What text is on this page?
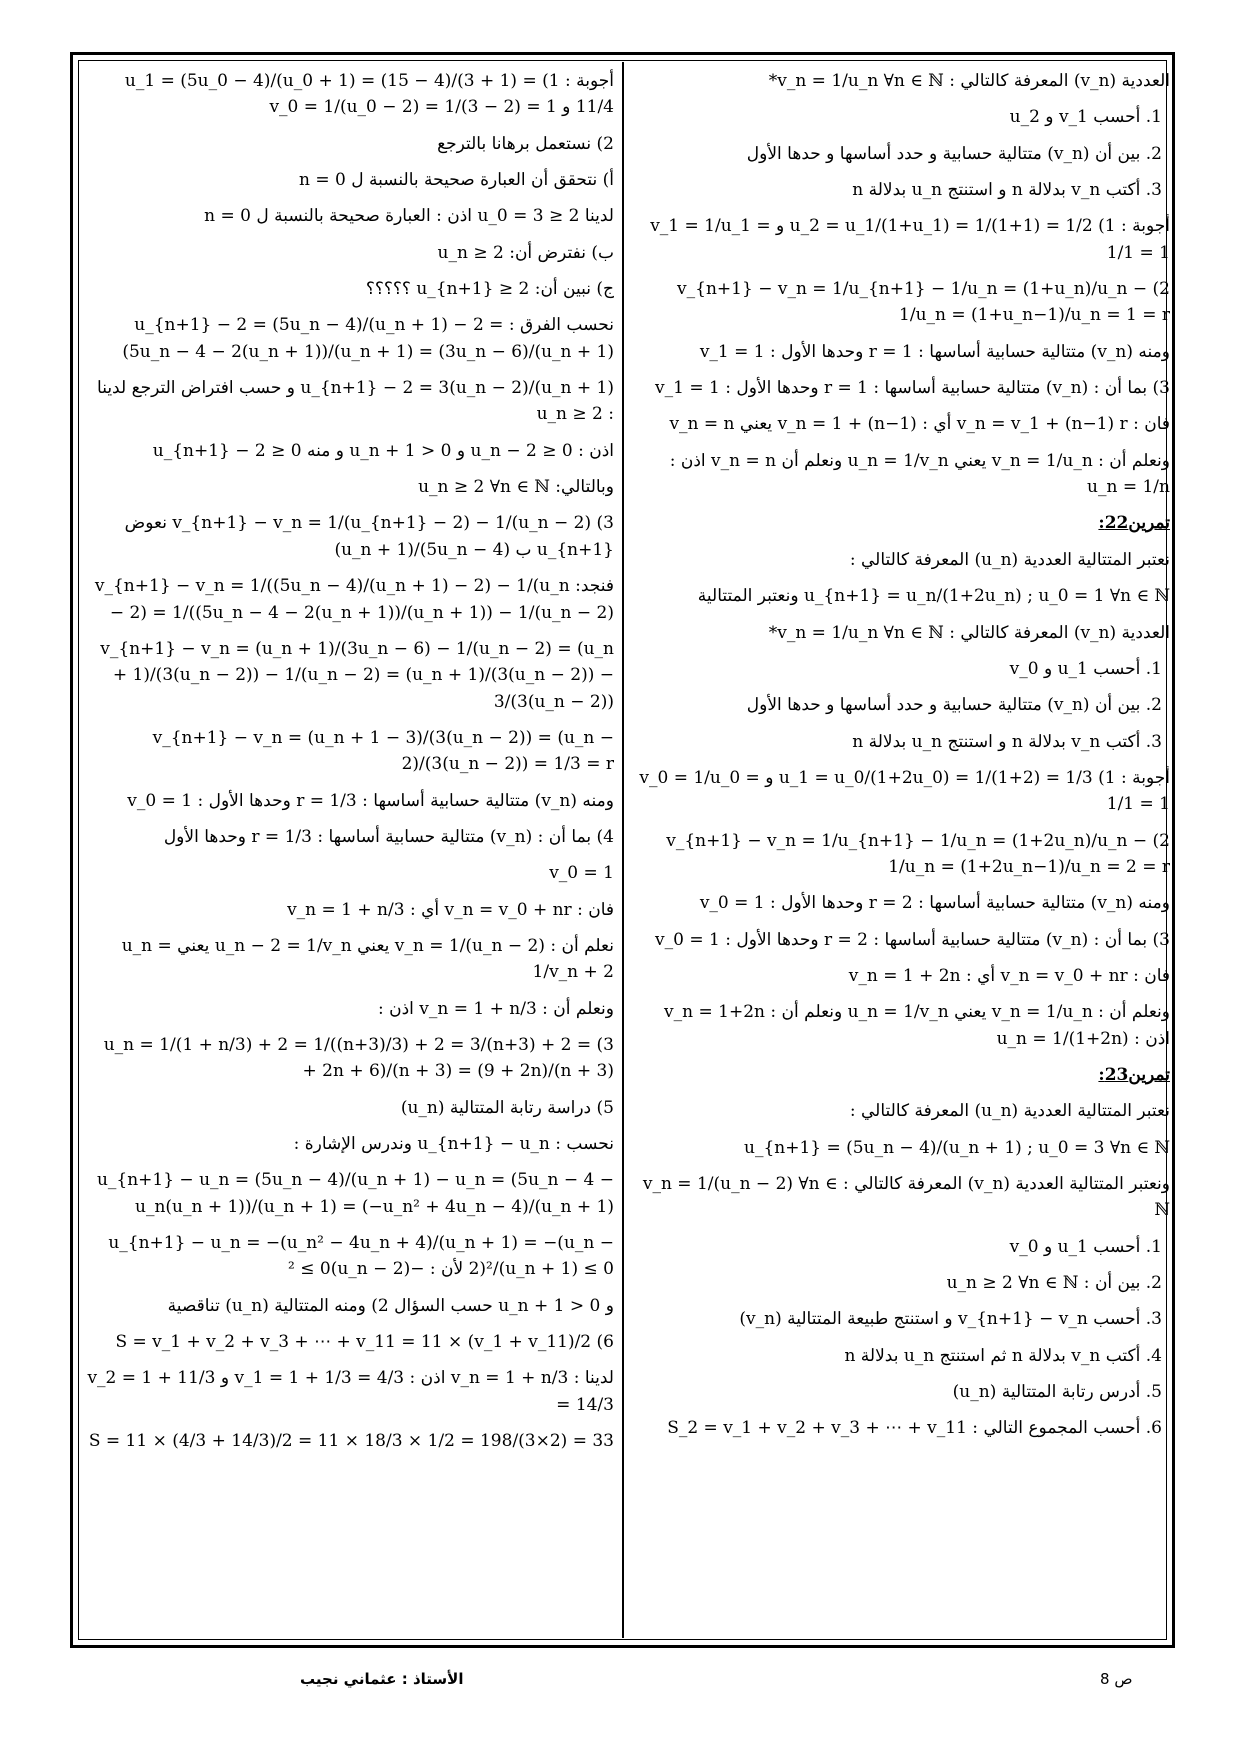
العددية (v_n) المعرفة كالتالي : v_n = 1/u_n ∀n ∈ ℕ*
1. أحسب v_1 و u_2
2. بين أن (v_n) متتالية حسابية و حدد أساسها و حدها الأول
3. أكتب v_n بدلالة n و استنتج u_n بدلالة n
أجوبة : 1) u_2 = u_1/(1+u_1) = 1/(1+1) = 1/2 و v_1 = 1/u_1 = 1/1 = 1
2) v_{n+1} − v_n = 1/u_{n+1} − 1/u_n = (1+u_n)/u_n − 1/u_n = (1+u_n−1)/u_n = 1 = r
ومنه (v_n) متتالية حسابية أساسها : r = 1 وحدها الأول : v_1 = 1
3) بما أن : (v_n) متتالية حسابية أساسها : r = 1 وحدها الأول : v_1 = 1
فان : v_n = v_1 + (n−1) r أي : v_n = 1 + (n−1) يعني v_n = n
ونعلم أن : v_n = 1/u_n يعني u_n = 1/v_n ونعلم أن v_n = n اذن : u_n = 1/n
تمرين22:
نعتبر المتتالية العددية (u_n) المعرفة كالتالي :
u_{n+1} = u_n/(1+2u_n) ; u_0 = 1 ∀n ∈ ℕ ونعتبر المتتالية
العددية (v_n) المعرفة كالتالي : v_n = 1/u_n ∀n ∈ ℕ*
1. أحسب u_1 و v_0
2. بين أن (v_n) متتالية حسابية و حدد أساسها و حدها الأول
3. أكتب v_n بدلالة n و استنتج u_n بدلالة n
أجوبة : 1) u_1 = u_0/(1+2u_0) = 1/(1+2) = 1/3 و v_0 = 1/u_0 = 1/1 = 1
2) v_{n+1} − v_n = 1/u_{n+1} − 1/u_n = (1+2u_n)/u_n − 1/u_n = (1+2u_n−1)/u_n = 2 = r
ومنه (v_n) متتالية حسابية أساسها : r = 2 وحدها الأول : v_0 = 1
3) بما أن : (v_n) متتالية حسابية أساسها : r = 2 وحدها الأول : v_0 = 1
فان : v_n = v_0 + nr أي : v_n = 1 + 2n
ونعلم أن : v_n = 1/u_n يعني u_n = 1/v_n ونعلم أن : v_n = 1+2n اذن : u_n = 1/(1+2n)
تمرين23:
نعتبر المتتالية العددية (u_n) المعرفة كالتالي :
u_{n+1} = (5u_n − 4)/(u_n + 1) ; u_0 = 3 ∀n ∈ ℕ
ونعتبر المتتالية العددية (v_n) المعرفة كالتالي : v_n = 1/(u_n − 2) ∀n ∈ ℕ
1. أحسب u_1 و v_0
2. بين أن : u_n ≥ 2 ∀n ∈ ℕ
3. أحسب v_{n+1} − v_n و استنتج طبيعة المتتالية (v_n)
4. أكتب v_n بدلالة n ثم استنتج u_n بدلالة n
5. أدرس رتابة المتتالية (u_n)
6. أحسب المجموع التالي : S_2 = v_1 + v_2 + v_3 + ⋯ + v_11
أجوبة : 1) u_1 = (5u_0 − 4)/(u_0 + 1) = (15 − 4)/(3 + 1) = 11/4 و v_0 = 1/(u_0 − 2) = 1/(3 − 2) = 1
2) نستعمل برهانا بالترجع
أ) نتحقق أن العبارة صحيحة بالنسبة ل n = 0
لدينا u_0 = 3 ≥ 2 اذن : العبارة صحيحة بالنسبة ل n = 0
ب) نفترض أن: u_n ≥ 2
ج) نبين أن: u_{n+1} ≥ 2 ؟؟؟؟؟
نحسب الفرق : u_{n+1} − 2 = (5u_n − 4)/(u_n + 1) − 2 = (5u_n − 4 − 2(u_n + 1))/(u_n + 1) = (3u_n − 6)/(u_n + 1)
u_{n+1} − 2 = 3(u_n − 2)/(u_n + 1) و حسب افتراض الترجع لدينا : u_n ≥ 2
اذن : u_n − 2 ≥ 0 و u_n + 1 > 0 و منه u_{n+1} − 2 ≥ 0
وبالتالي: u_n ≥ 2 ∀n ∈ ℕ
3) v_{n+1} − v_n = 1/(u_{n+1} − 2) − 1/(u_n − 2) نعوض u_{n+1} ب (5u_n − 4)/(u_n + 1)
فنجد: v_{n+1} − v_n = 1/((5u_n − 4)/(u_n + 1) − 2) − 1/(u_n − 2) = 1/((5u_n − 4 − 2(u_n + 1))/(u_n + 1)) − 1/(u_n − 2)
v_{n+1} − v_n = (u_n + 1)/(3u_n − 6) − 1/(u_n − 2) = (u_n + 1)/(3(u_n − 2)) − 1/(u_n − 2) = (u_n + 1)/(3(u_n − 2)) − 3/(3(u_n − 2))
v_{n+1} − v_n = (u_n + 1 − 3)/(3(u_n − 2)) = (u_n − 2)/(3(u_n − 2)) = 1/3 = r
ومنه (v_n) متتالية حسابية أساسها : r = 1/3 وحدها الأول : v_0 = 1
4) بما أن : (v_n) متتالية حسابية أساسها : r = 1/3 وحدها الأول
v_0 = 1
فان : v_n = v_0 + nr أي : v_n = 1 + n/3
نعلم أن : v_n = 1/(u_n − 2) يعني u_n − 2 = 1/v_n يعني u_n = 1/v_n + 2
ونعلم أن : v_n = 1 + n/3 اذن :
u_n = 1/(1 + n/3) + 2 = 1/((n+3)/3) + 2 = 3/(n+3) + 2 = (3 + 2n + 6)/(n + 3) = (9 + 2n)/(n + 3)
5) دراسة رتابة المتتالية (u_n)
نحسب : u_{n+1} − u_n وندرس الإشارة :
u_{n+1} − u_n = (5u_n − 4)/(u_n + 1) − u_n = (5u_n − 4 − u_n(u_n + 1))/(u_n + 1) = (−u_n² + 4u_n − 4)/(u_n + 1)
u_{n+1} − u_n = −(u_n² − 4u_n + 4)/(u_n + 1) = −(u_n − 2)²/(u_n + 1) ≤ 0 لأن : −(u_n − 2)² ≤ 0
و u_n + 1 > 0 حسب السؤال 2) ومنه المتتالية (u_n) تناقصية
6) S = v_1 + v_2 + v_3 + ⋯ + v_11 = 11 × (v_1 + v_11)/2
لدينا : v_n = 1 + n/3 اذن : v_1 = 1 + 1/3 = 4/3 و v_2 = 1 + 11/3 = 14/3
S = 11 × (4/3 + 14/3)/2 = 11 × 18/3 × 1/2 = 198/(3×2) = 33
ص 8
الأستاذ : عثماني نجيب
